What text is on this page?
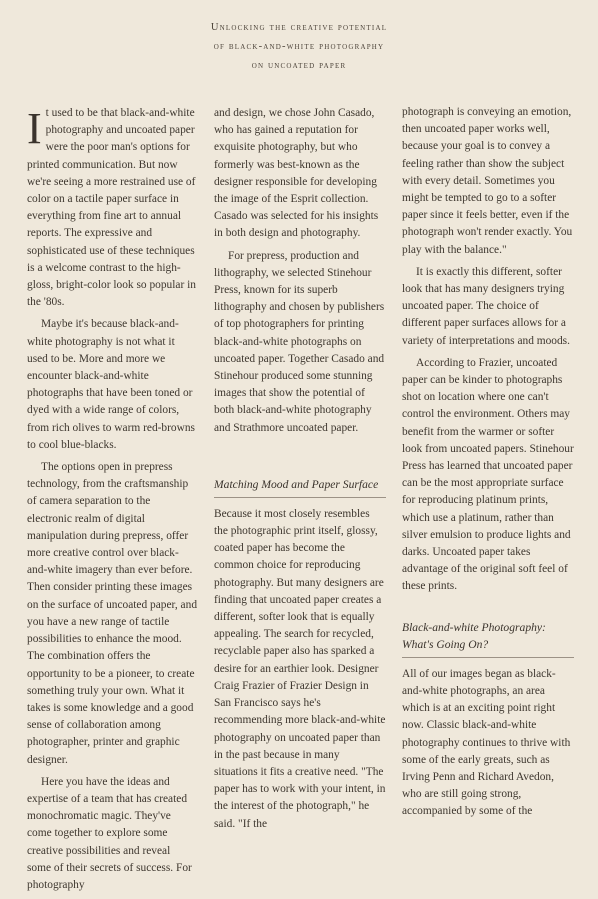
Unlocking the creative potential
of black-and-white photography
on uncoated paper

It used to be that black-and-white photography and uncoated paper were the poor man's options for printed communication. But now we're seeing a more restrained use of color on a tactile paper surface in everything from fine art to annual reports. The expressive and sophisticated use of these techniques is a welcome contrast to the high-gloss, bright-color look so popular in the '80s.

Maybe it's because black-and-white photography is not what it used to be. More and more we encounter black-and-white photographs that have been toned or dyed with a wide range of colors, from rich olives to warm red-browns to cool blue-blacks.

The options open in prepress technology, from the craftsmanship of camera separation to the electronic realm of digital manipulation during prepress, offer more creative control over black-and-white imagery than ever before. Then consider printing these images on the surface of uncoated paper, and you have a new range of tactile possibilities to enhance the mood. The combination offers the opportunity to be a pioneer, to create something truly your own. What it takes is some knowledge and a good sense of collaboration among photographer, printer and graphic designer.

Here you have the ideas and expertise of a team that has created monochromatic magic. They've come together to explore some creative possibilities and reveal some of their secrets of success. For photography

and design, we chose John Casado, who has gained a reputation for exquisite photography, but who formerly was best-known as the designer responsible for developing the image of the Esprit collection. Casado was selected for his insights in both design and photography.

For prepress, production and lithography, we selected Stinehour Press, known for its superb lithography and chosen by publishers of top photographers for printing black-and-white photographs on uncoated paper. Together Casado and Stinehour produced some stunning images that show the potential of both black-and-white photography and Strathmore uncoated paper.

Matching Mood and Paper Surface

Because it most closely resembles the photographic print itself, glossy, coated paper has become the common choice for reproducing photography. But many designers are finding that uncoated paper creates a different, softer look that is equally appealing. The search for recycled, recyclable paper also has sparked a desire for an earthier look. Designer Craig Frazier of Frazier Design in San Francisco says he's recommending more black-and-white photography on uncoated paper than in the past because in many situations it fits a creative need. "The paper has to work with your intent, in the interest of the photograph," he said. "If the

photograph is conveying an emotion, then uncoated paper works well, because your goal is to convey a feeling rather than show the subject with every detail. Sometimes you might be tempted to go to a softer paper since it feels better, even if the photograph won't render exactly. You play with the balance."

It is exactly this different, softer look that has many designers trying uncoated paper. The choice of different paper surfaces allows for a variety of interpretations and moods.

According to Frazier, uncoated paper can be kinder to photographs shot on location where one can't control the environment. Others may benefit from the warmer or softer look from uncoated papers. Stinehour Press has learned that uncoated paper can be the most appropriate surface for reproducing platinum prints, which use a platinum, rather than silver emulsion to produce lights and darks. Uncoated paper takes advantage of the original soft feel of these prints.

Black-and-white Photography:
What's Going On?

All of our images began as black-and-white photographs, an area which is at an exciting point right now. Classic black-and-white photography continues to thrive with some of the early greats, such as Irving Penn and Richard Avedon, who are still going strong, accompanied by some of the
